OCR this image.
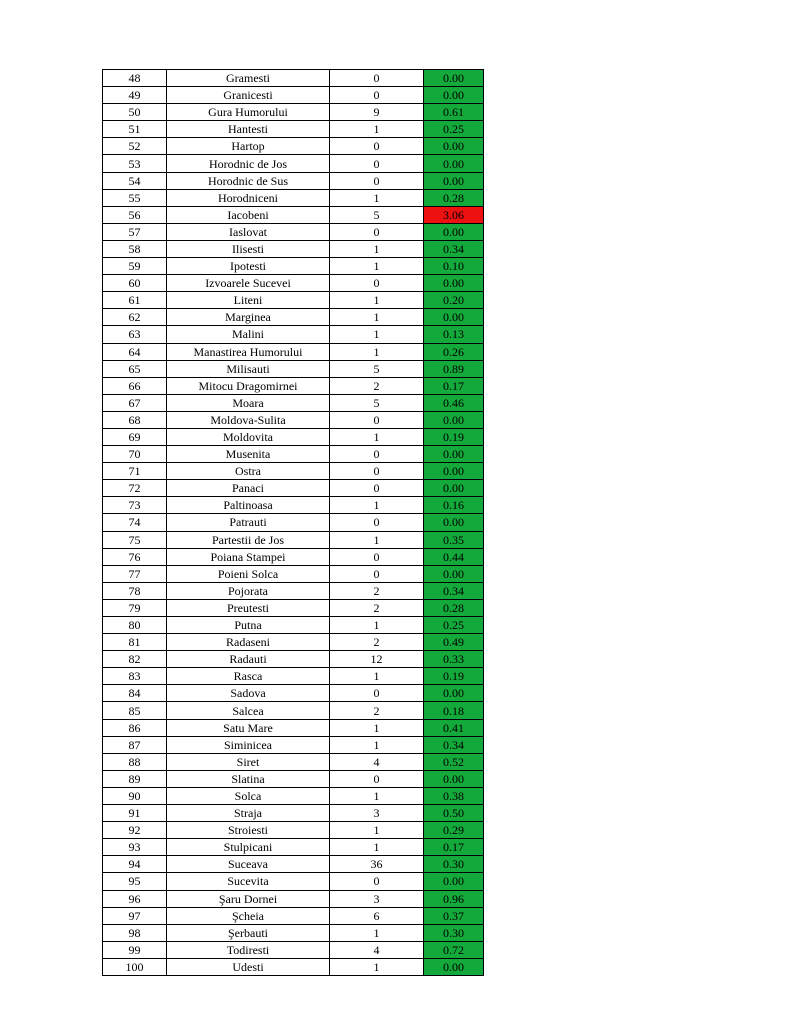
48	Gramesti	0	0.00
49	Granicesti	0	0.00
50	Gura Humorului	9	0.61
51	Hantesti	1	0.25
52	Hartop	0	0.00
53	Horodnic de Jos	0	0.00
54	Horodnic de Sus	0	0.00
55	Horodniceni	1	0.28
56	Iacobeni	5	3.06
57	Iaslovat	0	0.00
58	Ilisesti	1	0.34
59	Ipotesti	1	0.10
60	Izvoarele Sucevei	0	0.00
61	Liteni	1	0.20
62	Marginea	1	0.00
63	Malini	1	0.13
64	Manastirea Humorului	1	0.26
65	Milisauti	5	0.89
66	Mitocu Dragomirnei	2	0.17
67	Moara	5	0.46
68	Moldova-Sulita	0	0.00
69	Moldovita	1	0.19
70	Musenita	0	0.00
71	Ostra	0	0.00
72	Panaci	0	0.00
73	Paltinoasa	1	0.16
74	Patrauti	0	0.00
75	Partestii de Jos	1	0.35
76	Poiana Stampei	0	0.44
77	Poieni Solca	0	0.00
78	Pojorata	2	0.34
79	Preutesti	2	0.28
80	Putna	1	0.25
81	Radaseni	2	0.49
82	Radauti	12	0.33
83	Rasca	1	0.19
84	Sadova	0	0.00
85	Salcea	2	0.18
86	Satu Mare	1	0.41
87	Siminicea	1	0.34
88	Siret	4	0.52
89	Slatina	0	0.00
90	Solca	1	0.38
91	Straja	3	0.50
92	Stroiesti	1	0.29
93	Stulpicani	1	0.17
94	Suceava	36	0.30
95	Sucevita	0	0.00
96	Şaru Dornei	3	0.96
97	Şcheia	6	0.37
98	Şerbauti	1	0.30
99	Todiresti	4	0.72
100	Udesti	1	0.00
